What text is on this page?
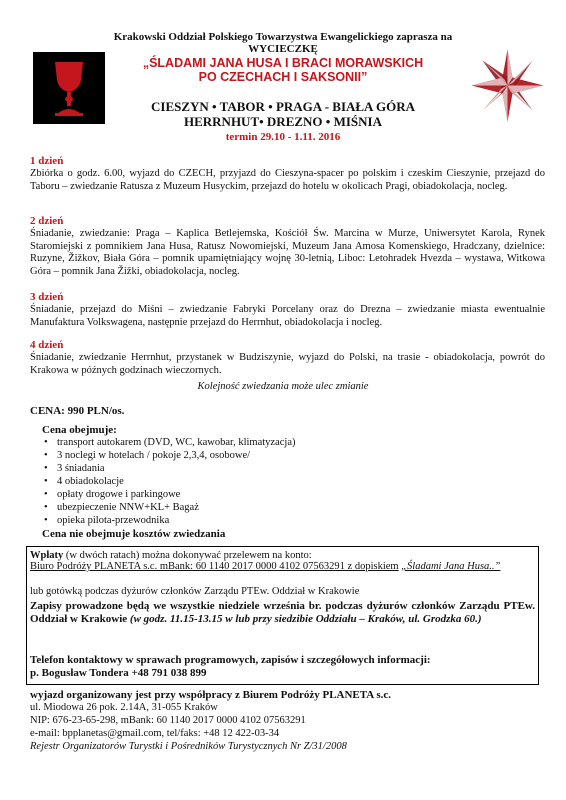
Krakowski Oddział Polskiego Towarzystwa Ewangelickiego zaprasza na
WYCIECZKĘ
„ŚLADAMI JANA HUSA I BRACI MORAWSKICH
PO CZECHACH I SAKSONII”
CIESZYN • TABOR • PRAGA - BIAŁA GÓRA
HERRNHUT• DREZNO • MIŚNIA
termin 29.10 - 1.11. 2016
1 dzień
Zbiórka o godz. 6.00, wyjazd do CZECH, przyjazd do Cieszyna-spacer po polskim i czeskim Cieszynie, przejazd do Taboru – zwiedzanie Ratusza z Muzeum Husyckim, przejazd do hotelu w okolicach Pragi, obiadokolacja, nocleg.
2 dzień
Śniadanie, zwiedzanie: Praga – Kaplica Betlejemska, Kościół Św. Marcina w Murze, Uniwersytet Karola, Rynek Staromiejski z pomnikiem Jana Husa, Ratusz Nowomiejski, Muzeum Jana Amosa Komenskiego, Hradczany, dzielnice: Ruzyne, Žižkov, Biała Góra – pomnik upamiętniający wojnę 30-letnią, Liboc: Letohradek Hvezda – wystawa, Witkowa Góra – pomnik Jana Žižki, obiadokolacja, nocleg.
3 dzień
Śniadanie, przejazd do Miśni – zwiedzanie Fabryki Porcelany oraz do Drezna – zwiedzanie miasta ewentualnie Manufaktura Volkswagena, następnie przejazd do Herrnhut, obiadokolacja i nocleg.
4 dzień
Śniadanie, zwiedzanie Herrnhut, przystanek w Budziszynie, wyjazd do Polski, na trasie - obiadokolacja, powrót do Krakowa w późnych godzinach wieczornych.
Kolejność zwiedzania może ulec zmianie
CENA: 990 PLN/os.
Cena obejmuje:
• transport autokarem (DVD, WC, kawobar, klimatyzacja)
• 3 noclegi w hotelach / pokoje 2,3,4, osobowe/
• 3 śniadania
• 4 obiadokolacje
• opłaty drogowe i parkingowe
• ubezpieczenie NNW+KL+ Bagaż
• opieka pilota-przewodnika
Cena nie obejmuje kosztów zwiedzania
Wpłaty (w dwóch ratach) można dokonywać przelewem na konto:
Biuro Podróży PLANETA s.c. mBank: 60 1140 2017 0000 4102 07563291 z dopiskiem „Śladami Jana Husa..”
lub gotówką podczas dyżurów członków Zarządu PTEw. Oddział w Krakowie
Zapisy prowadzone będą we wszystkie niedziele września br. podczas dyżurów członków Zarządu PTEw. Oddział w Krakowie (w godz. 11.15-13.15 w lub przy siedzibie Oddziału – Kraków, ul. Grodzka 60.)
Telefon kontaktowy w sprawach programowych, zapisów i szczegółowych informacji:
p. Bogusław Tondera +48 791 038 899
wyjazd organizowany jest przy współpracy z Biurem Podróży PLANETA s.c.
ul. Miodowa 26 pok. 2.14A, 31-055 Kraków
NIP: 676-23-65-298, mBank: 60 1140 2017 0000 4102 07563291
e-mail: bpplanetas@gmail.com, tel/faks: +48 12 422-03-34
Rejestr Organizatorów Turystki i Pośredników Turystycznych Nr Z/31/2008
